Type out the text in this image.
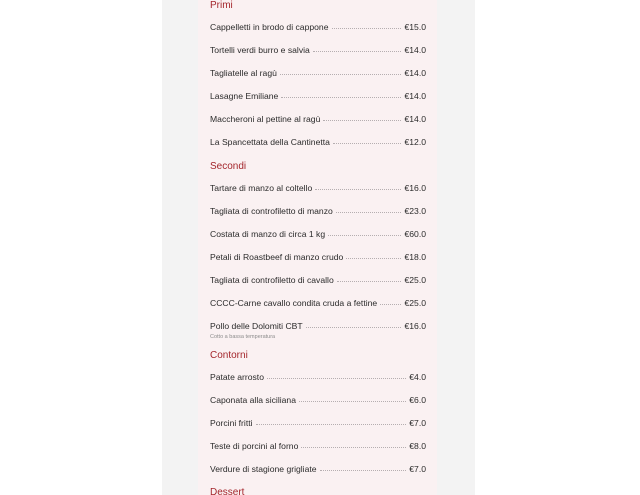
Primi
Cappelletti in brodo di cappone	€15.0
Tortelli verdi burro e salvia	€14.0
Tagliatelle al ragù	€14.0
Lasagne Emiliane	€14.0
Maccheroni al pettine al ragù	€14.0
La Spancettata della Cantinetta	€12.0
Secondi
Tartare di manzo al coltello	€16.0
Tagliata di controfiletto di manzo	€23.0
Costata di manzo di circa 1 kg	€60.0
Petali di Roastbeef di manzo crudo	€18.0
Tagliata di controfiletto di cavallo	€25.0
CCCC-Carne cavallo condita cruda a fettine	€25.0
Pollo delle Dolomiti CBT	€16.0
Cotto a bassa temperatura
Contorni
Patate arrosto	€4.0
Caponata alla siciliana	€6.0
Porcini fritti	€7.0
Teste di porcini al forno	€8.0
Verdure di stagione grigliate	€7.0
Dessert
